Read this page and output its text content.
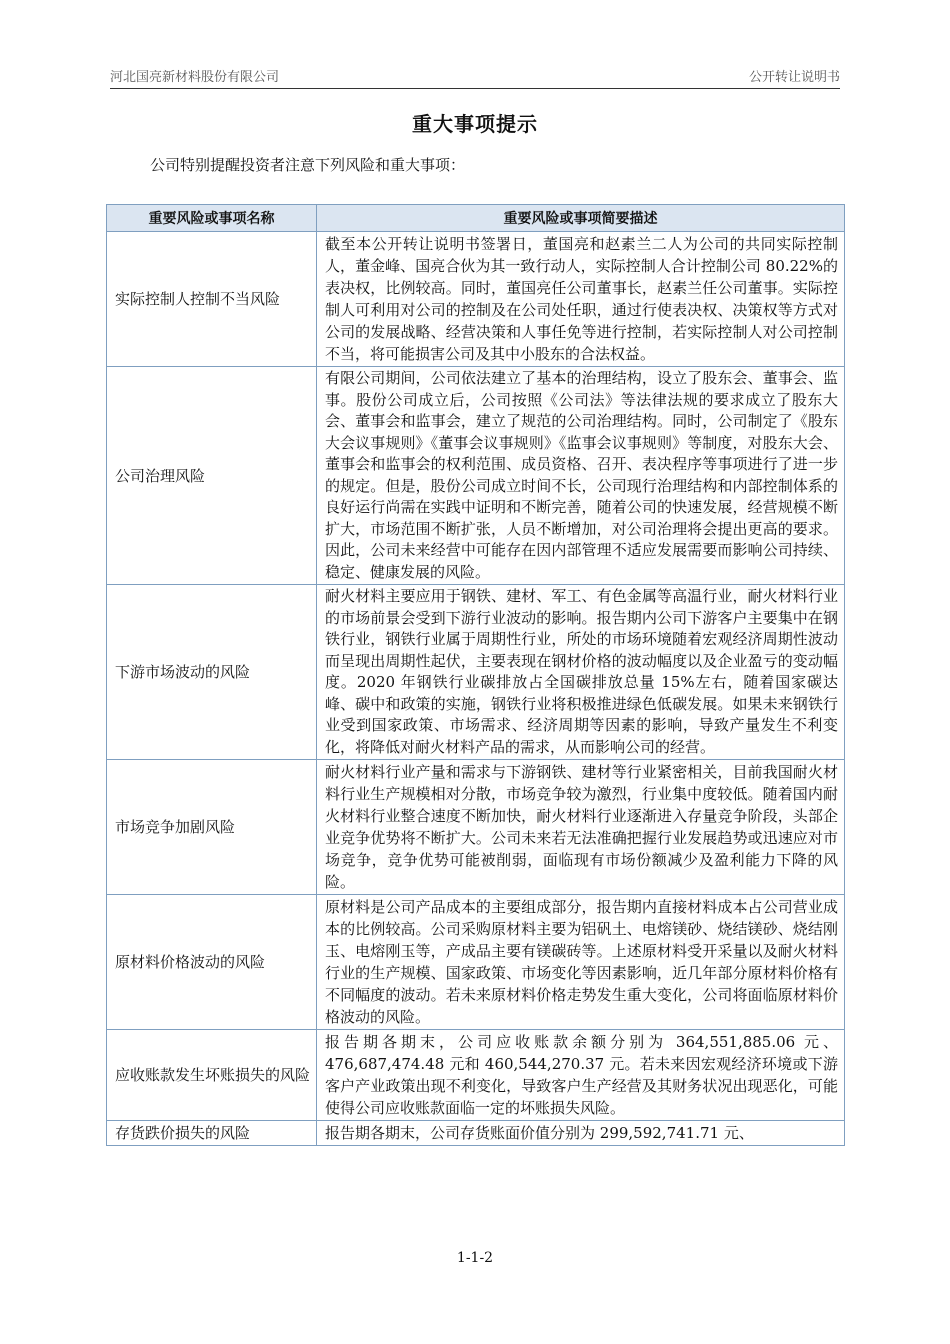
河北国亮新材料股份有限公司	公开转让说明书
重大事项提示
公司特别提醒投资者注意下列风险和重大事项：
重要风险或事项名称	重要风险或事项简要描述
实际控制人控制不当风险	截至本公开转让说明书签署日，董国亮和赵素兰二人为公司的共同实际控制人，董金峰、国亮合伙为其一致行动人，实际控制人合计控制公司 80.22%的表决权，比例较高。同时，董国亮任公司董事长，赵素兰任公司董事。实际控制人可利用对公司的控制及在公司处任职，通过行使表决权、决策权等方式对公司的发展战略、经营决策和人事任免等进行控制，若实际控制人对公司控制不当，将可能损害公司及其中小股东的合法权益。
公司治理风险	有限公司期间，公司依法建立了基本的治理结构，设立了股东会、董事会、监事。股份公司成立后，公司按照《公司法》等法律法规的要求成立了股东大会、董事会和监事会，建立了规范的公司治理结构。同时，公司制定了《股东大会议事规则》《董事会议事规则》《监事会议事规则》等制度，对股东大会、董事会和监事会的权利范围、成员资格、召开、表决程序等事项进行了进一步的规定。但是，股份公司成立时间不长，公司现行治理结构和内部控制体系的良好运行尚需在实践中证明和不断完善，随着公司的快速发展，经营规模不断扩大，市场范围不断扩张，人员不断增加，对公司治理将会提出更高的要求。因此，公司未来经营中可能存在因内部管理不适应发展需要而影响公司持续、稳定、健康发展的风险。
下游市场波动的风险	耐火材料主要应用于钢铁、建材、军工、有色金属等高温行业，耐火材料行业的市场前景会受到下游行业波动的影响。报告期内公司下游客户主要集中在钢铁行业，钢铁行业属于周期性行业，所处的市场环境随着宏观经济周期性波动而呈现出周期性起伏，主要表现在钢材价格的波动幅度以及企业盈亏的变动幅度。2020 年钢铁行业碳排放占全国碳排放总量 15%左右，随着国家碳达峰、碳中和政策的实施，钢铁行业将积极推进绿色低碳发展。如果未来钢铁行业受到国家政策、市场需求、经济周期等因素的影响，导致产量发生不利变化，将降低对耐火材料产品的需求，从而影响公司的经营。
市场竞争加剧风险	耐火材料行业产量和需求与下游钢铁、建材等行业紧密相关，目前我国耐火材料行业生产规模相对分散，市场竞争较为激烈，行业集中度较低。随着国内耐火材料行业整合速度不断加快，耐火材料行业逐渐进入存量竞争阶段，头部企业竞争优势将不断扩大。公司未来若无法准确把握行业发展趋势或迅速应对市场竞争，竞争优势可能被削弱，面临现有市场份额减少及盈利能力下降的风险。
原材料价格波动的风险	原材料是公司产品成本的主要组成部分，报告期内直接材料成本占公司营业成本的比例较高。公司采购原材料主要为铝矾土、电熔镁砂、烧结镁砂、烧结刚玉、电熔刚玉等，产成品主要有镁碳砖等。上述原材料受开采量以及耐火材料行业的生产规模、国家政策、市场变化等因素影响，近几年部分原材料价格有不同幅度的波动。若未来原材料价格走势发生重大变化，公司将面临原材料价格波动的风险。
应收账款发生坏账损失的风险	报告期各期末，公司应收账款余额分别为 364,551,885.06 元、476,687,474.48 元和 460,544,270.37 元。若未来因宏观经济环境或下游客户产业政策出现不利变化，导致客户生产经营及其财务状况出现恶化，可能使得公司应收账款面临一定的坏账损失风险。
存货跌价损失的风险	报告期各期末，公司存货账面价值分别为 299,592,741.71 元、
1-1-2
